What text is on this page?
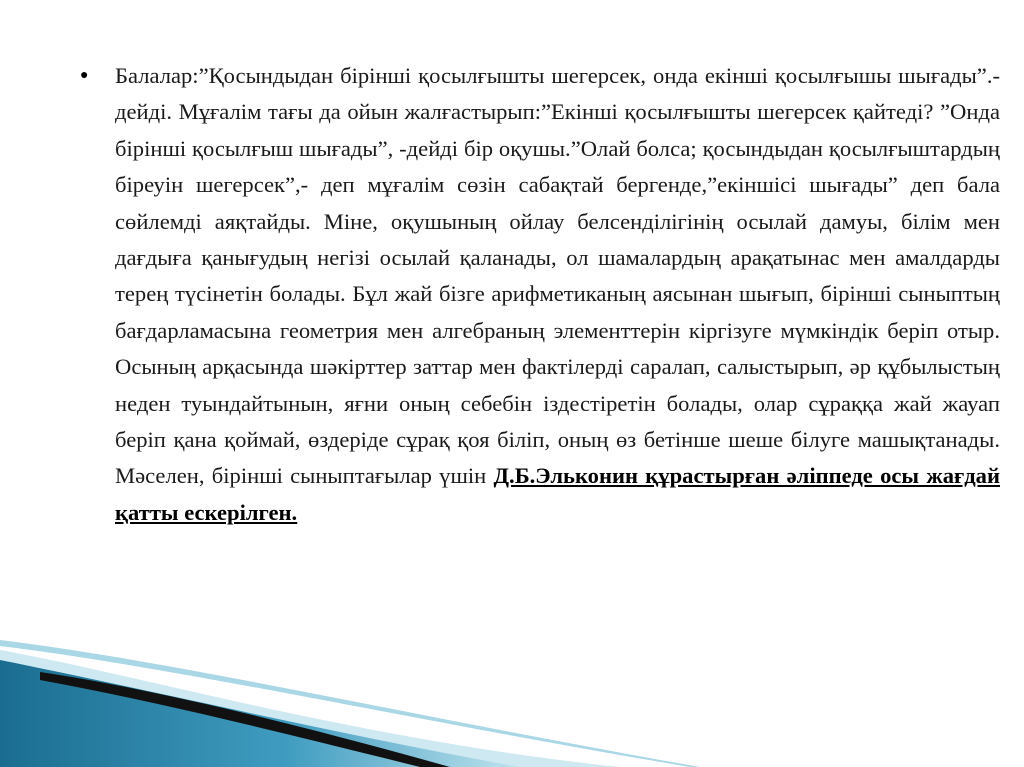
●	Балалар:”Қосындыдан бірінші қосылғышты шегерсек, онда екінші қосылғышы шығады”.-дейді. Мұғалім тағы да ойын жалғастырып:”Екінші қосылғышты шегерсек қайтеді? ”Онда бірінші қосылғыш шығады”, -дейді бір оқушы.”Олай болса; қосындыдан қосылғыштардың біреуін шегерсек”,- деп мұғалім сөзін сабақтай бергенде,”екіншісі шығады” деп бала сөйлемді аяқтайды. Міне, оқушының ойлау белсенділігінің осылай дамуы, білім мен дағдыға қанығудың негізі осылай қаланады, ол шамалардың арақатынас мен амалдарды терең түсінетін болады. Бұл жай бізге арифметиканың аясынан шығып, бірінші сыныптың бағдарламасына геометрия мен алгебраның элементтерін кіргізуге мүмкіндік беріп отыр. Осының арқасында шәкірттер заттар мен фактілерді саралап, салыстырып, әр құбылыстың неден туындайтынын, яғни оның себебін іздестіретін болады, олар сұраққа жай жауап беріп қана қоймай, өздеріде сұрақ қоя біліп, оның өз бетінше шеше білуге машықтанады. Мәселен, бірінші сыныптағылар үшін Д.Б.Эльконин құрастырған әліппеде осы жағдай қатты ескерілген.
